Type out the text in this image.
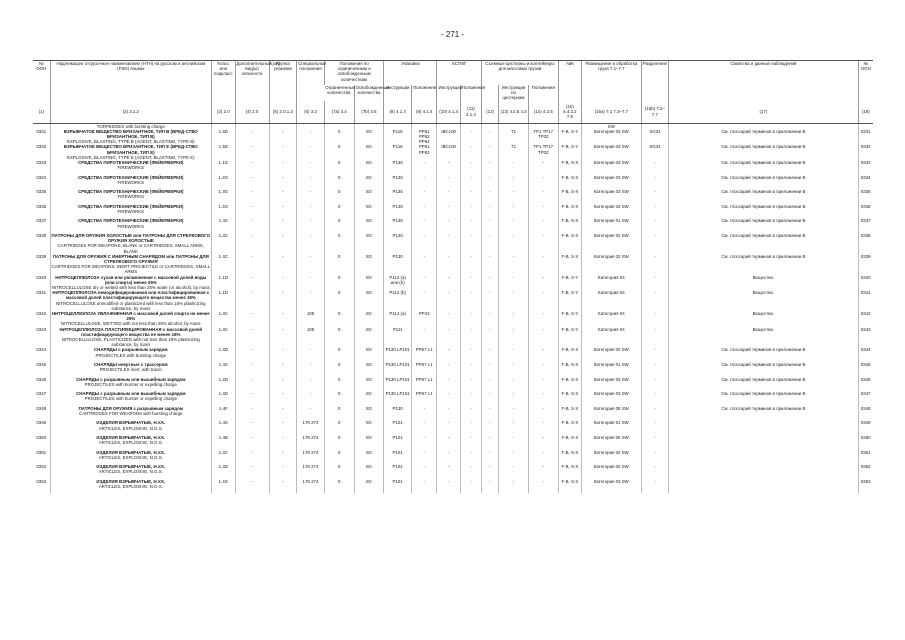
- 271 -
№ ООН	Надлежащее отгрузочное наименование (НТН) на русском и английском (PSN) языках	Класс или подкласс	Дополнительный(ые) вид(ы) опасности	Группа упаковки	Специальные положения	Положения по ограниченным и освобожденным количествам		Упаковка		КСГМГ		Съемные цистерны и контейнеры для массовых грузов			АвК	Размещение и обработка груза 7.1–7.7	Разделение	Свойства и данные наблюдений	№ ООН
						Ограниченные количества	Освобожденные количества	Инструкции	Положения	Инструкции	Положения		Инструкции по цистернам	Положения					
(1)	(2) 3.1.2	(3) 2.0	(4) 2.0	(5) 2.0.1.3	(6) 3.3	(7a) 3.4	(7b) 3.5	(8) 4.1.4	(9) 4.1.4	(10) 4.1.4	(11) 4.1.4	(12)	(13) 4.2.5 4.3	(14) 4.2.5	(15) 5.4.3.2 7.8	(16a) 7.1 7.3–7.7	(16b) 7.2–7.7	(17)	(18)

	TORPEDOES with bursting charge															SW			
0331	ВЗРЫВЧАТОЕ ВЕЩЕСТВО БРИЗАНТНОЕ, ТИП B (ВРЕД-СТВО БРИЗАНТНОЕ, ТИП B)
EXPLOSIVE, BLASTING, TYPE B (AGENT, BLASTING, TYPE B)	1.5D	-	-	-	0	E0	P116	PP61 PP62 PP64	IBC100	-	-	T1	TP1 TP17 TP32	F-B, S-Y	Категория 03 SW	SG34	См. глоссарий терминов в приложении B	0331
0332	ВЗРЫВЧАТОЕ ВЕЩЕСТВО БРИЗАНТНОЕ, ТИП E (ВРЕД-СТВО БРИЗАНТНОЕ, ТИП E)
EXPLOSIVE, BLASTING, TYPE E (AGENT, BLASTING, TYPE E)	1.5D	-	-	-	0	E0	P116	PP61 PP62	IBC100	-	-	T1	TP1 TP17 TP32	F-B, S-Y	Категория 03 SW	SG34	См. глоссарий терминов в приложении B	0332
0333	СРЕДСТВА ПИРОТЕХНИЧЕСКИЕ (ФЕЙЕРВЕРКИ)
FIREWORKS	1.1G	-	-	-	0	E0	P135	-	-	-	-	-	-	F-B, S-X	Категория 03 SW	-	См. глоссарий терминов в приложении B	0333
0334	СРЕДСТВА ПИРОТЕХНИЧЕСКИЕ (ФЕЙЕРВЕРКИ)
FIREWORKS	1.2G	-	-	-	0	E0	P135	-	-	-	-	-	-	F-B, S-X	Категория 03 SW	-	См. глоссарий терминов в приложении B	0334
0335	СРЕДСТВА ПИРОТЕХНИЧЕСКИЕ (ФЕЙЕРВЕРКИ)
FIREWORKS	1.3G	-	-	-	0	E0	P135	-	-	-	-	-	-	F-B, S-X	Категория 03 SW	-	См. глоссарий терминов в приложении B	0335
0336	СРЕДСТВА ПИРОТЕХНИЧЕСКИЕ (ФЕЙЕРВЕРКИ)
FIREWORKS	1.4G	-	-	-	0	E0	P135	-	-	-	-	-	-	F-B, S-X	Категория 02 SW	-	См. глоссарий терминов в приложении B	0336
0337	СРЕДСТВА ПИРОТЕХНИЧЕСКИЕ (ФЕЙЕРВЕРКИ)
FIREWORKS	1.4S	-	-	-	0	E0	P135	-	-	-	-	-	-	F-B, S-X	Категория 01 SW	-	См. глоссарий терминов в приложении B	0337
0338	ПАТРОНЫ ДЛЯ ОРУЖИЯ ХОЛОСТЫЕ или ПАТРОНЫ ДЛЯ СТРЕЛКОВОГО ОРУЖИЯ ХОЛОСТЫЕ
CARTRIDGES FOR WEAPONS, BLANK or CARTRIDGES, SMALL ARMS, BLANK	1.4C	-	-	-	0	E0	P130	-	-	-	-	-	-	F-B, S-X	Категория 02 SW	-	См. глоссарий терминов в приложении B	0338
0339	ПАТРОНЫ ДЛЯ ОРУЖИЯ С ИНЕРТНЫМ СНАРЯДОМ или ПАТРОНЫ ДЛЯ СТРЕЛКОВОГО ОРУЖИЯ
CARTRIDGES FOR WEAPONS, INERT PROJECTILE or CARTRIDGES, SMALL ARMS	1.4C	-	-	-	0	E0	P130	-	-	-	-	-	-	F-B, S-X	Категория 02 SW	-	См. глоссарий терминов в приложении B	0339
0340	НИТРОЦЕЛЛЮЛОЗА сухая или увлажненная с массовой долей воды (или спирта) менее 25%
NITROCELLULOSE dry or wetted with less than 25% water (or alcohol), by mass	1.1D	-	-	-	0	E0	P112 (a) или (b)	-	-	-	-	-	-	F-B, S-Y	Категория 04	-	Вещество.	0340
0341	НИТРОЦЕЛЛЮЛОЗА немодифицированная или пластифицированная с массовой долей пластифицирующего вещества менее 18%
NITROCELLULOSE unmodified or plasticized with less than 18% plasticizing substance, by mass	1.1D	-	-	-	0	E0	P112 (b)	-	-	-	-	-	-	F-B, S-Y	Категория 04	-	Вещество.	0341
0342	НИТРОЦЕЛЛЮЛОЗА УВЛАЖНЕННАЯ с массовой долей спирта не менее 25%
NITROCELLULOSE, WETTED with not less than 25% alcohol, by mass	1.3C	-	-	105	0	E0	P114 (a)	PP43	-	-	-	-	-	F-B, S-Y	Категория 04	-	Вещество.	0342
0343	НИТРОЦЕЛЛЮЛОЗА ПЛАСТИФИЦИРОВАННАЯ с массовой долей пластифицирующего вещества не менее 18%
NITROCELLULOSE, PLASTICIZED with not less than 18% plasticizing substance, by mass	1.3C	-	-	105	0	E0	P111	-	-	-	-	-	-	F-B, S-Y	Категория 04	-	Вещество.	0343
0344	СНАРЯДЫ с разрывным зарядом
PROJECTILES with bursting charge	1.4D	-	-	-	0	E0	P130 LP101	PP67 L1	-	-	-	-	-	F-B, S-X	Категория 02 SW	-	См. глоссарий терминов в приложении B	0344
0345	СНАРЯДЫ инертные с трассером
PROJECTILES inert, with tracer	1.4S	-	-	-	0	E0	P130 LP101	PP67 L1	-	-	-	-	-	F-B, S-X	Категория 01 SW	-	См. глоссарий терминов в приложении B	0345
0346	СНАРЯДЫ с разрывным или вышибным зарядом
PROJECTILES with burster or expelling charge	1.2D	-	-	-	0	E0	P130 LP101	PP67 L1	-	-	-	-	-	F-B, S-X	Категория 03 SW	-	См. глоссарий терминов в приложении B	0346
0347	СНАРЯДЫ с разрывным или вышибным зарядом
PROJECTILES with burster or expelling charge	1.4D	-	-	-	0	E0	P130 LP101	PP67 L1	-	-	-	-	-	F-B, S-X	Категория 02 SW	-	См. глоссарий терминов в приложении B	0347
0348	ПАТРОНЫ ДЛЯ ОРУЖИЯ с разрывным зарядом
CARTRIDGES FOR WEAPONS with bursting charge	1.4F	-	-	-	0	E0	P130	-	-	-	-	-	-	F-B, S-X	Категория 08 SW	-	См. глоссарий терминов в приложении B	0348
0349	ИЗДЕЛИЯ ВЗРЫВЧАТЫЕ, Н.У.К.
ARTICLES, EXPLOSIVE, N.O.S.	1.4S	-	-	178 274	0	E0	P101	-	-	-	-	-	-	F-B, S-X	Категория 01 SW	-		0349
0350	ИЗДЕЛИЯ ВЗРЫВЧАТЫЕ, Н.У.К.
ARTICLES, EXPLOSIVE, N.O.S.	1.4B	-	-	178 274	0	E0	P101	-	-	-	-	-	-	F-B, S-X	Категория 05 SW	-		0350
0351	ИЗДЕЛИЯ ВЗРЫВЧАТЫЕ, Н.У.К.
ARTICLES, EXPLOSIVE, N.O.S.	1.4C	-	-	178 274	0	E0	P101	-	-	-	-	-	-	F-B, S-X	Категория 02 SW	-		0351
0352	ИЗДЕЛИЯ ВЗРЫВЧАТЫЕ, Н.У.К.
ARTICLES, EXPLOSIVE, N.O.S.	1.4D	-	-	178 274	0	E0	P101	-	-	-	-	-	-	F-B, S-X	Категория 02 SW	-		0352
0353	ИЗДЕЛИЯ ВЗРЫВЧАТЫЕ, Н.У.К.
ARTICLES, EXPLOSIVE, N.O.S.	1.4G	-	-	178 274	0	E0	P101	-	-	-	-	-	-	F-B, S-X	Категория 02 SW	-		0353
